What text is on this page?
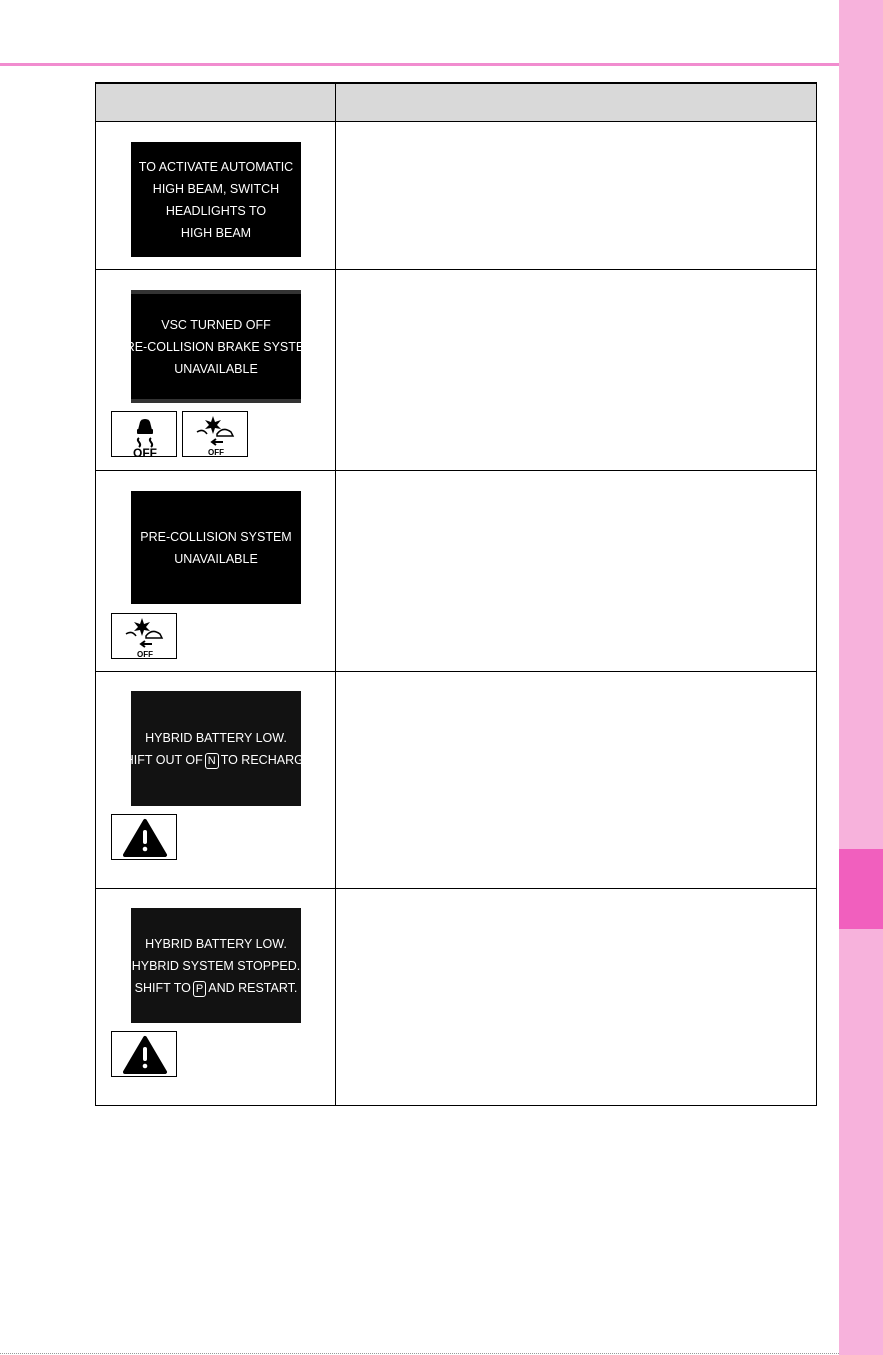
TO ACTIVATE AUTOMATIC
HIGH BEAM, SWITCH
HEADLIGHTS TO
HIGH BEAM	

VSC TURNED OFF
PRE-COLLISION BRAKE SYSTEM
UNAVAILABLE
OFF OFF	

PRE-COLLISION SYSTEM
UNAVAILABLE
OFF	

HYBRID BATTERY LOW.
SHIFT OUT OF N TO RECHARGE.	

HYBRID BATTERY LOW.
HYBRID SYSTEM STOPPED.
SHIFT TO P AND RESTART.	
